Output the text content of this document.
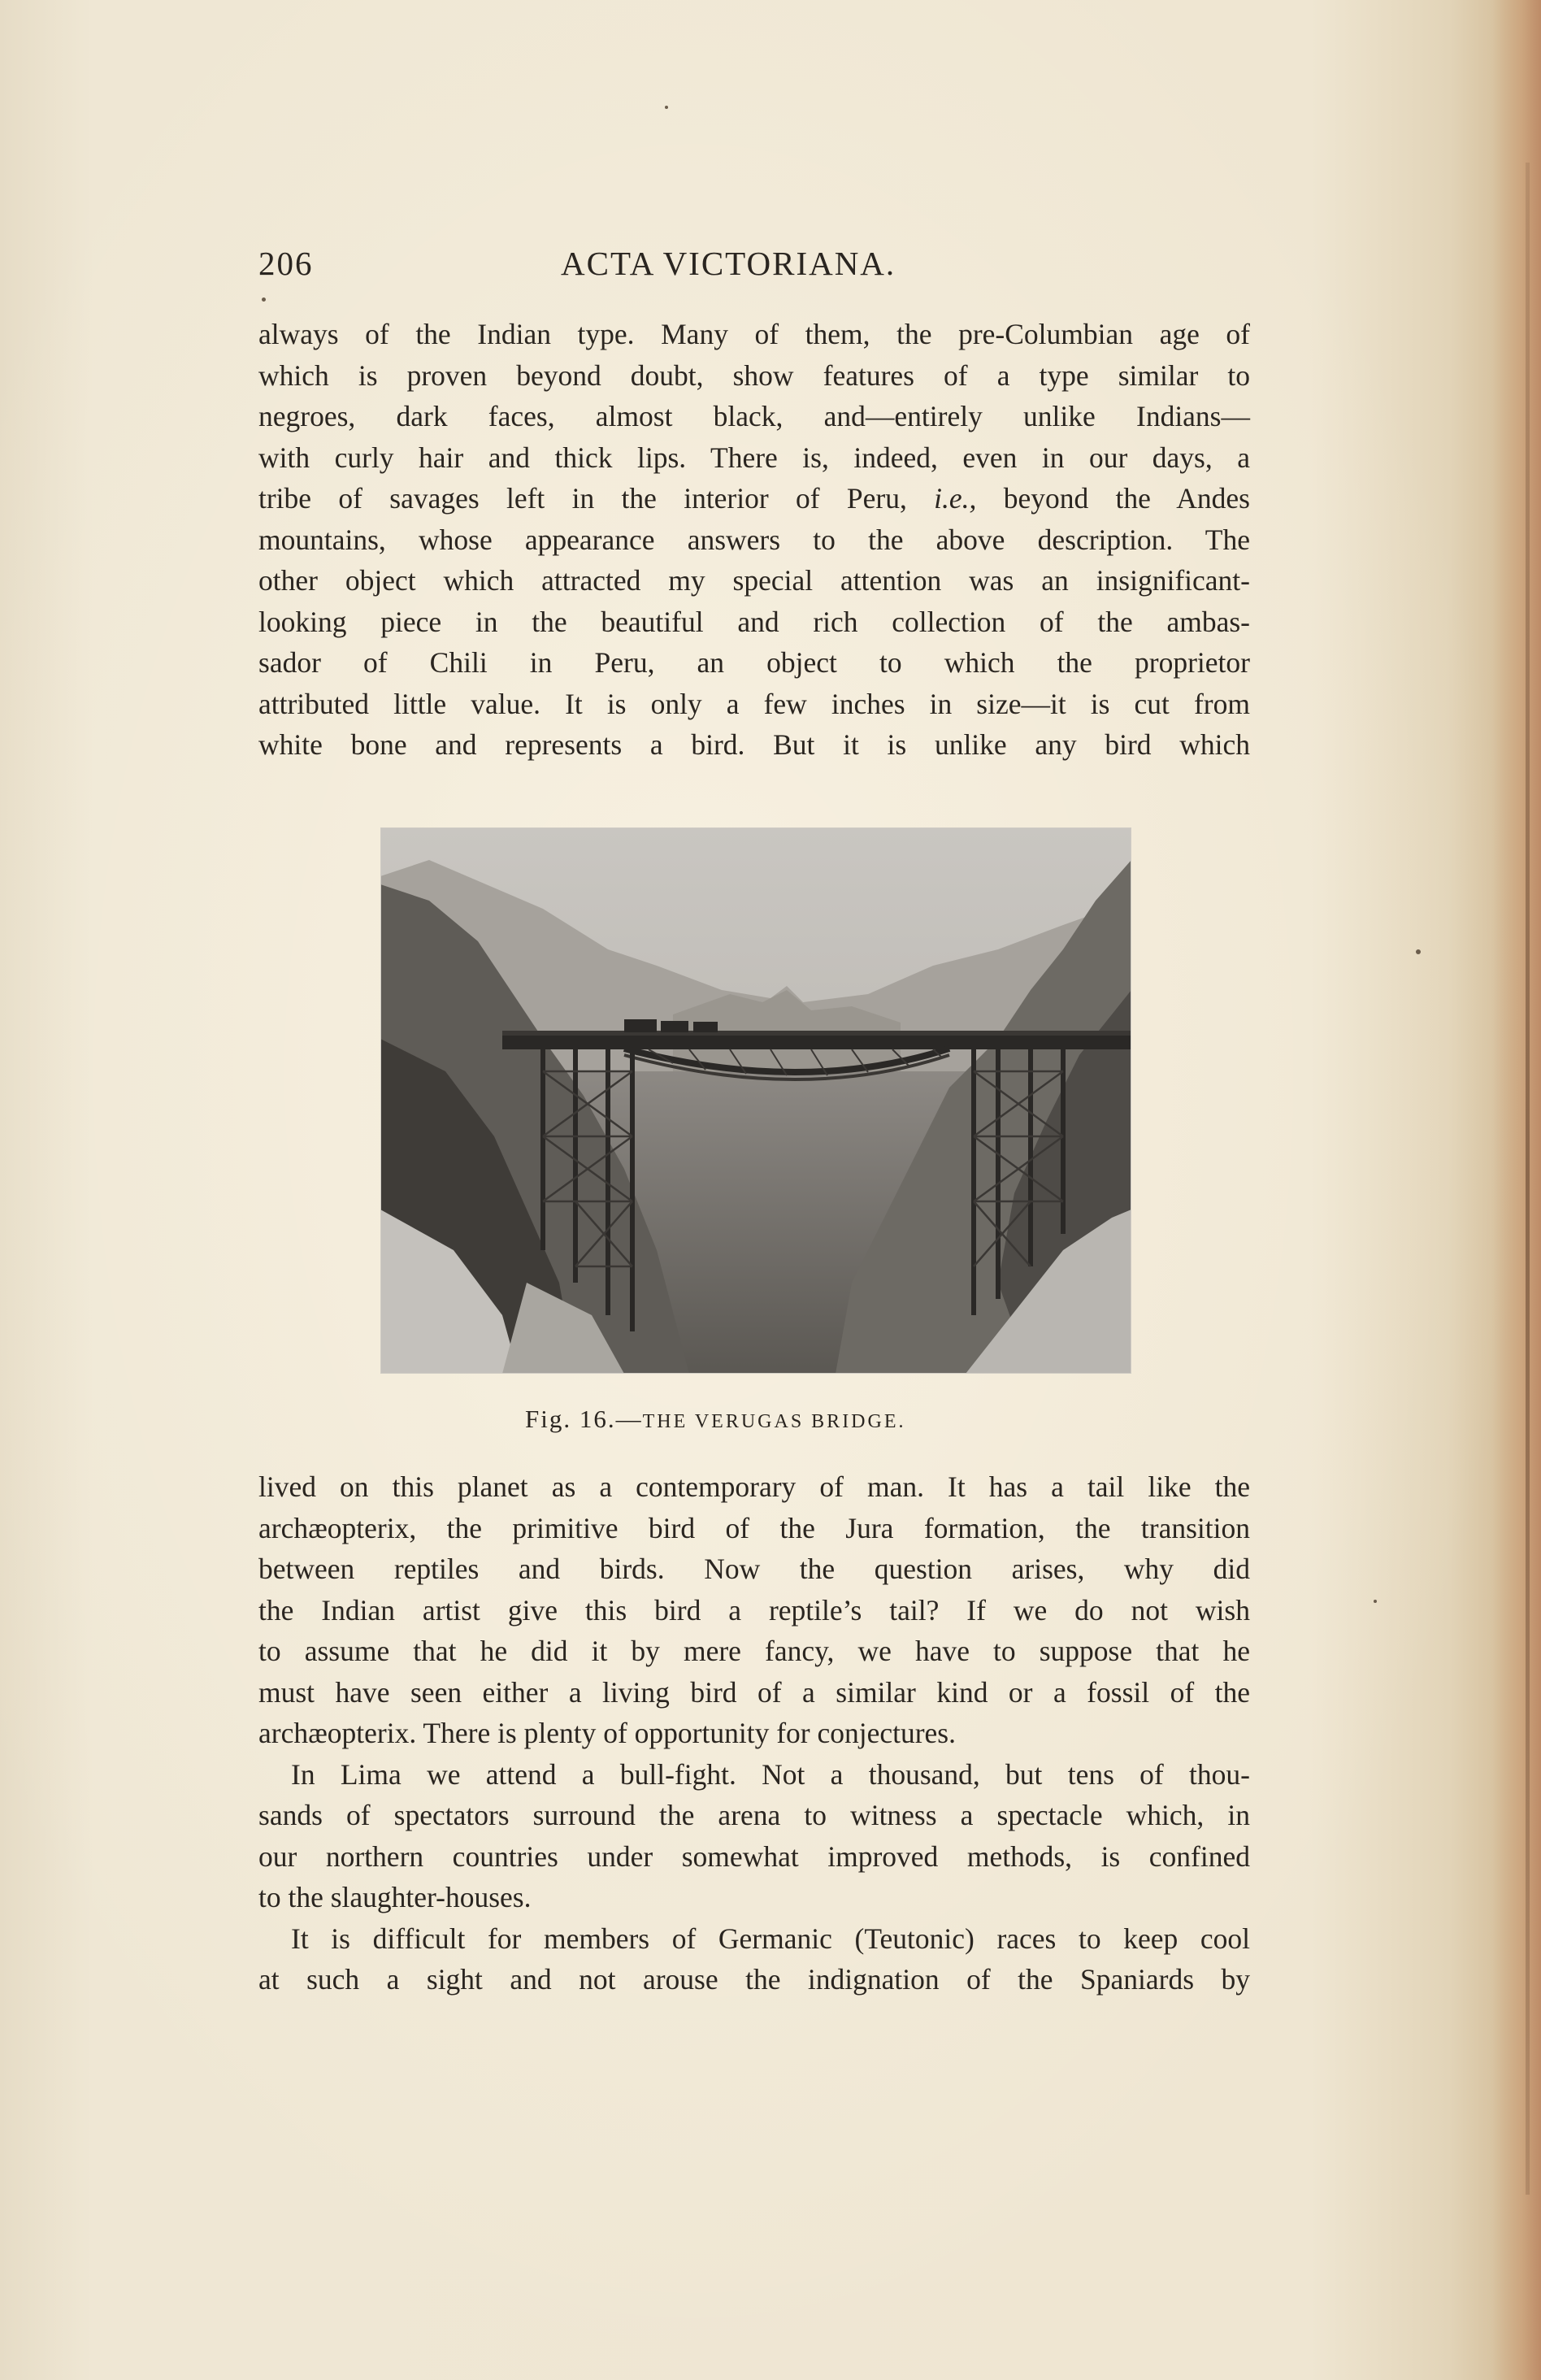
206	ACTA VICTORIANA.
always of the Indian type. Many of them, the pre-Columbian age of
which is proven beyond doubt, show features of a type similar to
negroes, dark faces, almost black, and—entirely unlike Indians—
with curly hair and thick lips. There is, indeed, even in our days, a
tribe of savages left in the interior of Peru, i.e., beyond the Andes
mountains, whose appearance answers to the above description. The
other object which attracted my special attention was an insignificant-
looking piece in the beautiful and rich collection of the ambas-
sador of Chili in Peru, an object to which the proprietor
attributed little value. It is only a few inches in size—it is cut from
white bone and represents a bird. But it is unlike any bird which
Fig. 16.—THE VERUGAS BRIDGE.
lived on this planet as a contemporary of man. It has a tail like the
archæopterix, the primitive bird of the Jura formation, the transition
between reptiles and birds. Now the question arises, why did
the Indian artist give this bird a reptile’s tail? If we do not wish
to assume that he did it by mere fancy, we have to suppose that he
must have seen either a living bird of a similar kind or a fossil of the
archæopterix. There is plenty of opportunity for conjectures.
In Lima we attend a bull-fight. Not a thousand, but tens of thou-
sands of spectators surround the arena to witness a spectacle which, in
our northern countries under somewhat improved methods, is confined
to the slaughter-houses.
It is difficult for members of Germanic (Teutonic) races to keep cool
at such a sight and not arouse the indignation of the Spaniards by
